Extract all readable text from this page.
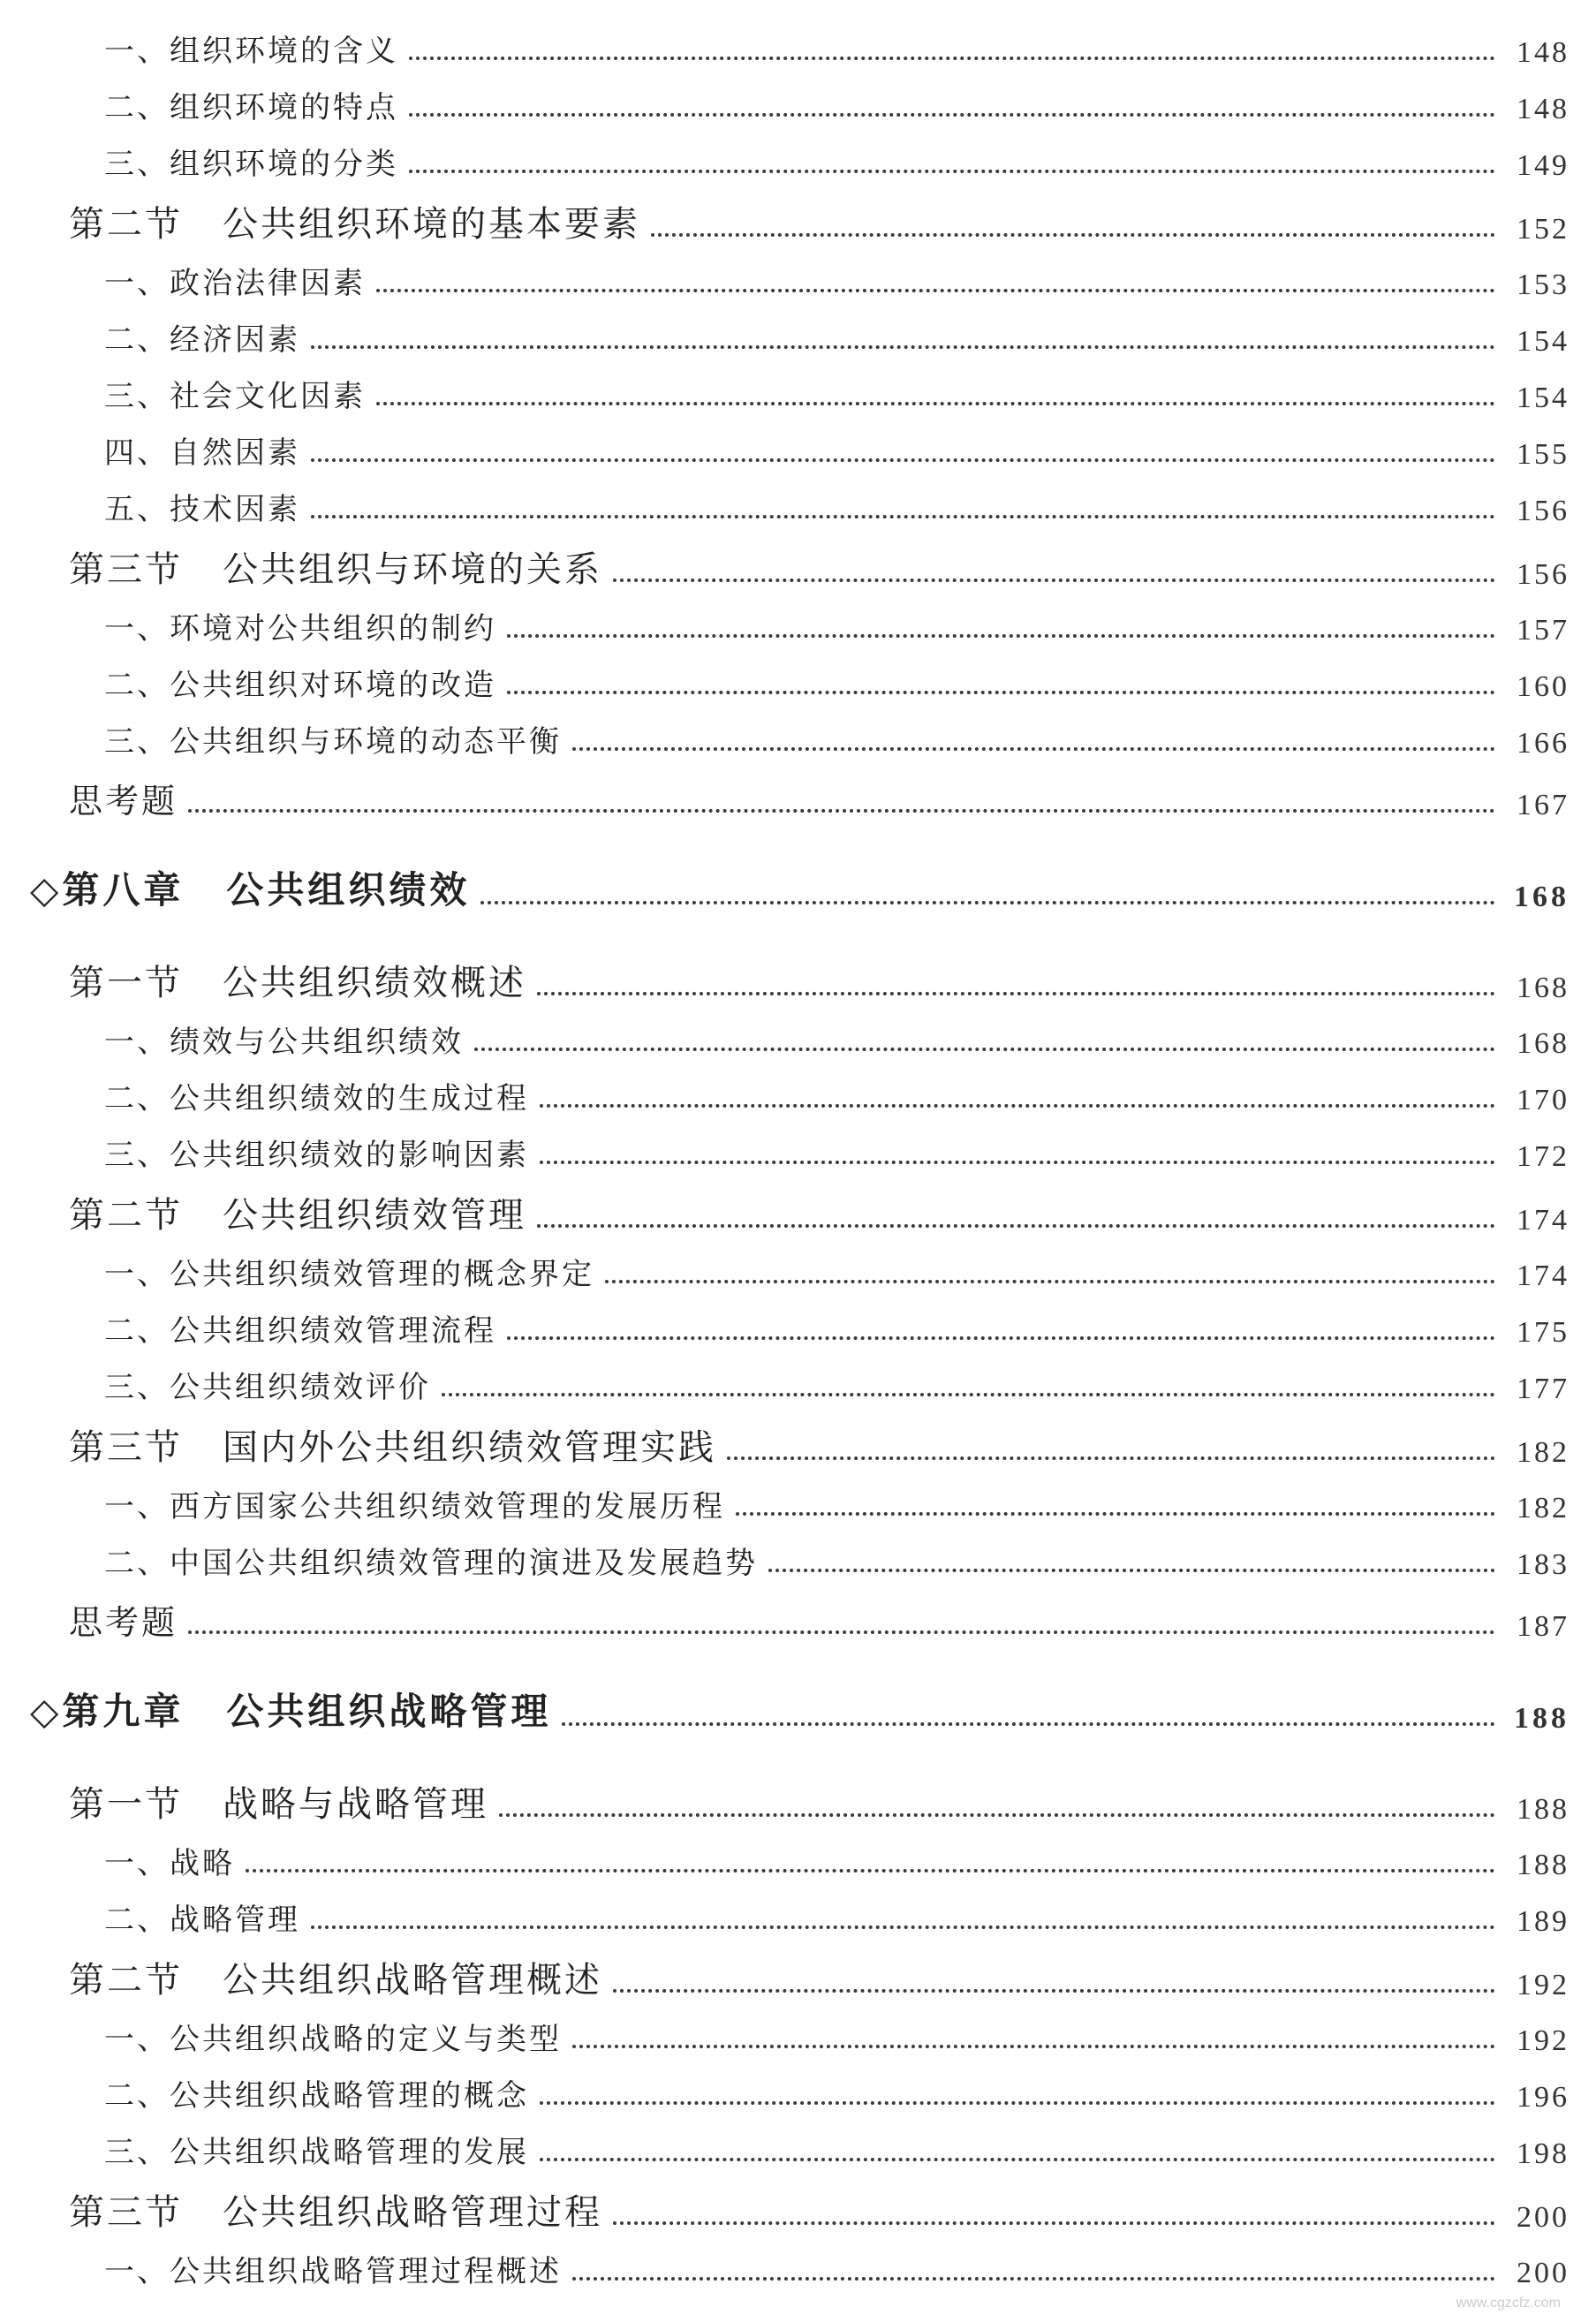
一、组织环境的含义	148
二、组织环境的特点	148
三、组织环境的分类	149
第二节 公共组织环境的基本要素	152
一、政治法律因素	153
二、经济因素	154
三、社会文化因素	154
四、自然因素	155
五、技术因素	156
第三节 公共组织与环境的关系	156
一、环境对公共组织的制约	157
二、公共组织对环境的改造	160
三、公共组织与环境的动态平衡	166
思考题	167
◇第八章 公共组织绩效	168
第一节 公共组织绩效概述	168
一、绩效与公共组织绩效	168
二、公共组织绩效的生成过程	170
三、公共组织绩效的影响因素	172
第二节 公共组织绩效管理	174
一、公共组织绩效管理的概念界定	174
二、公共组织绩效管理流程	175
三、公共组织绩效评价	177
第三节 国内外公共组织绩效管理实践	182
一、西方国家公共组织绩效管理的发展历程	182
二、中国公共组织绩效管理的演进及发展趋势	183
思考题	187
◇第九章 公共组织战略管理	188
第一节 战略与战略管理	188
一、战略	188
二、战略管理	189
第二节 公共组织战略管理概述	192
一、公共组织战略的定义与类型	192
二、公共组织战略管理的概念	196
三、公共组织战略管理的发展	198
第三节 公共组织战略管理过程	200
一、公共组织战略管理过程概述	200
www.cgzcfz.com
